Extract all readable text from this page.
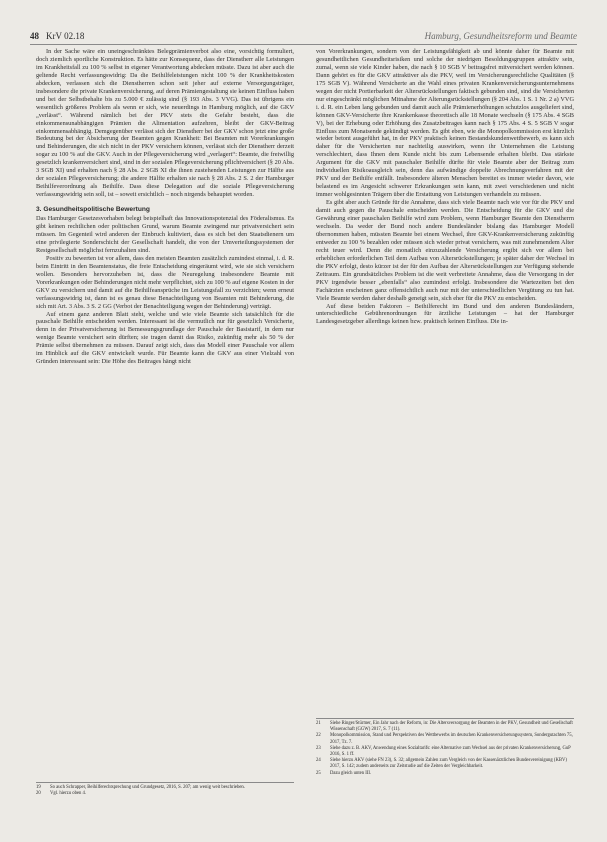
48 KrV 02.18	Hamburg, Gesundheitsreform und Beamte

In der Sache wäre ein uneingeschränktes Belegprämienverbot also eine, vorsichtig formuliert, doch ziemlich sportliche Konstruktion. Es hätte zur Konsequenz, dass der Dienstherr alle Leistungen im Krankheitsfall zu 100 % selbst in eigener Verantwortung abdecken müsste. Dazu ist aber auch die geltende Recht verfassungswidrig: Da die Beihilfeleistungen nicht 100 % der Krankheitskosten abdecken, verlassen sich die Dienstherren schon seit jeher auf externe Versorgungsträger, insbesondere die private Krankenversicherung, auf deren Prämiengestaltung sie keinen Einfluss haben und bei der Selbstbehalte bis zu 5.000 € zulässig sind (§ 193 Abs. 3 VVG). Das ist übrigens ein wesentlich größeres Problem als wenn er sich, wie neuerdings in Hamburg möglich, auf die GKV „verlässt“. Während nämlich bei der PKV stets die Gefahr besteht, dass die einkommensunabhängigen Prämien die Alimentation aufzehren, bleibt der GKV-Beitrag einkommensabhängig. Demgegenüber verlässt sich der Dienstherr bei der GKV schon jetzt eine große Bedeutung bei der Absicherung der Beamten gegen Krankheit: Bei Beamten mit Vorerkrankungen und Behinderungen, die sich nicht in der PKV versichern können, verlässt sich der Dienstherr derzeit sogar zu 100 % auf die GKV. Auch in der Pflegeversicherung wird „verlagert“: Beamte, die freiwillig gesetzlich krankenversichert sind, sind in der sozialen Pflegeversicherung pflichtversichert (§ 20 Abs. 3 SGB XI) und erhalten nach § 28 Abs. 2 SGB XI die ihnen zustehenden Leistungen zur Hälfte aus der sozialen Pflegeversicherung; die andere Hälfte erhalten sie nach § 28 Abs. 2 S. 2 der Hamburger Beihilfeverordnung als Beihilfe. Dass diese Delegation auf die soziale Pflegeversicherung verfassungswidrig sein soll, ist – soweit ersichtlich – noch nirgends behauptet worden.

3. Gesundheitspolitische Bewertung

Das Hamburger Gesetzesvorhaben belegt beispielhaft das Innovationspotenzial des Föderalismus. Es gibt keinen rechtlichen oder politischen Grund, warum Beamte zwingend nur privatversichert sein müssen. Im Gegenteil wird anderen der Einbruch kultiviert, dass es sich bei den Staatsdienern um eine privilegierte Sonderschicht der Gesellschaft handelt, die von der Umverteilungssystemen der Restgesellschaft möglichst fernzuhalten sind.

Positiv zu bewerten ist vor allem, dass den meisten Beamten zusätzlich zumindest einmal, i. d. R. beim Eintritt in den Beamtenstatus, die freie Entscheidung eingeräumt wird, wie sie sich versichern wollen. Besonders hervorzuheben ist, dass die Neuregelung insbesondere Beamte mit Vorerkrankungen oder Behinderungen nicht mehr verpflichtet, sich zu 100 % auf eigene Kosten in der GKV zu versichern und damit auf die Beihilfeansprüche im Leistungsfall zu verzichten; wenn erneut verfassungswidrig ist, dann ist es genau diese Benachteiligung von Beamten mit Behinderung, die sich mit Art. 3 Abs. 3 S. 2 GG (Verbot der Benachteiligung wegen der Behinderung) verträgt.

Auf einem ganz anderen Blatt steht, welche und wie viele Beamte sich tatsächlich für die pauschale Beihilfe entscheiden werden. Interessant ist die vermutlich nur für gesetzlich Versicherte, denn in der Privatversicherung ist Bemessungsgrundlage der Pauschale der Basistarif, in dem nur wenige Beamte versichert sein dürften; sie tragen damit das Risiko, zukünftig mehr als 50 % der Prämie selbst übernehmen zu müssen. Darauf zeigt sich, dass das Modell einer Pauschale vor allem im Hinblick auf die GKV entwickelt wurde. Für Beamte kann die GKV aus einer Vielzahl von Gründen interessant sein: Die Höhe des Beitrages hängt nicht

19	So auch Schrapper, Beihilferechtsprechung und Grundgesetz, 2016, S. 207; am wenig weit beschrieben.
20	Vgl. hierzu oben 4.

von Vorerkrankungen, sondern von der Leistungsfähigkeit ab und könnte daher für Beamte mit gesundheitlichen Gesundheitsrisiken und solche der niedrigen Besoldungsgruppen attraktiv sein, zumal, wenn sie viele Kinder haben, die nach § 10 SGB V beitragsfrei mitversichert werden können. Dann gehört es für die GKV attraktiver als die PKV, weil im Versicherungsrechtliche Qualitäten (§ 175 SGB V). Während Versicherte an die Wahl eines privaten Krankenversicherungsunternehmens wegen der nicht Portierbarkeit der Altersrückstellungen faktisch gebunden sind, sind die Versicherten nur eingeschränkt möglichen Mitnahme der Alterungsrückstellungen (§ 204 Abs. 1 S. 1 Nr. 2 a) VVG i. d. R. ein Leben lang gebunden und damit auch alle Prämienerhöhungen schutzlos ausgeliefert sind, können GKV-Versicherte ihre Krankenkasse theoretisch alle 18 Monate wechseln (§ 175 Abs. 4 SGB V), bei der Erhebung oder Erhöhung des Zusatzbeitrages kann nach § 175 Abs. 4 S. 5 SGB V sogar Einfluss zum Monatsende gekündigt werden. Es gibt eben, wie die Monopolkommission erst kürzlich wieder betont ausgeführt hat, in der PKV praktisch keinen Bestandskundenwettbewerb, es kann sich daher für die Versicherten nur nachteilig auswirken, wenn ihr Unternehmen die Leistung verschlechtert, dass Ihnen dem Kunde nicht bis zum Lebensende erhalten bleibt. Das stärkste Argument für die GKV mit pauschaler Beihilfe dürfte für viele Beamte aber der Beitrag zum individuellen Risikoausgleich sein, denn das aufwändige doppelte Abrechnungsverfahren mit der PKV und der Beihilfe entfällt. Insbesondere älteren Menschen bereitet es immer wieder davon, wie belastend es im Angesicht schwerer Erkrankungen sein kann, mit zwei verschiedenen und nicht immer wohlgesinnten Trägern über die Erstattung von Leistungen verhandeln zu müssen.

Es gibt aber auch Gründe für die Annahme, dass sich viele Beamte nach wie vor für die PKV und damit auch gegen die Pauschale entscheiden werden. Die Entscheidung für die GKV und die Gewährung einer pauschalen Beihilfe wird zum Problem, wenn Hamburger Beamte den Dienstherrn wechseln. Da weder der Bund noch andere Bundesländer bislang das Hamburger Modell übernommen haben, müssten Beamte bei einem Wechsel, ihre GKV-Krankenversicherung zukünftig entweder zu 100 % bezahlen oder müssen sich wieder privat versichern, was mit zunehmendem Alter recht teuer wird. Denn die monatlich einzuzahlende Versicherung ergibt sich vor allem bei erheblichen erforderlichen Teil dem Aufbau von Altersrückstellungen; je später daher der Wechsel in die PKV erfolgt, desto kürzer ist der für den Aufbau der Altersrückstellungen zur Verfügung stehende Zeitraum. Ein grundsätzliches Problem ist die weit verbreitete Annahme, dass die Versorgung in der PKV irgendwie besser „ebenfalls“ also zumindest erfolgt. Insbesondere die Wartezeiten bei den Fachärzten erscheinen ganz offensichtlich auch nur mit der unterschiedlichen Vergütung zu tun hat. Viele Beamte werden daher deshalb geneigt sein, sich eher für die PKV zu entscheiden.

Auf diese beiden Faktoren – Beihilferecht im Bund und den anderen Bundesländern, unterschiedliche Gebührenordnungen für ärztliche Leistungen – hat der Hamburger Landesgesetzgeber allerdings keinen bzw. praktisch keinen Einfluss. Die in-

21	Siehe Ringer/Stürmer, Ein Jahr nach der Reform, in: Die Altersversorgung der Beamten in der PKV, Gesundheit und Gesellschaft Wissenschaft (GGW) 2017, S. 7 (11).
22	Monopolkommission, Stand und Perspektiven des Wettbewerbs im deutschen Krankenversicherungssystem, Sondergutachten 75, 2017, Tz. 7.
23	Siehe dazu z. B. AKV, Anwendung eines Sozialtarifs: eine Alternative zum Wechsel aus der privaten Krankenversicherung, GuP 2016, S. 1 ff.
24	Siehe hierzu AKV (siehe FN 23), S. 32; allgemein Zahlen zum Vergleich von der Kassenärztlichen Bundesvereinigung (KBV) 2017, S. 142; zudem anderseits zur Zeitstudie auf die Zeiten der Vergleichbarkeit.
25	Dazu gleich unten III.
